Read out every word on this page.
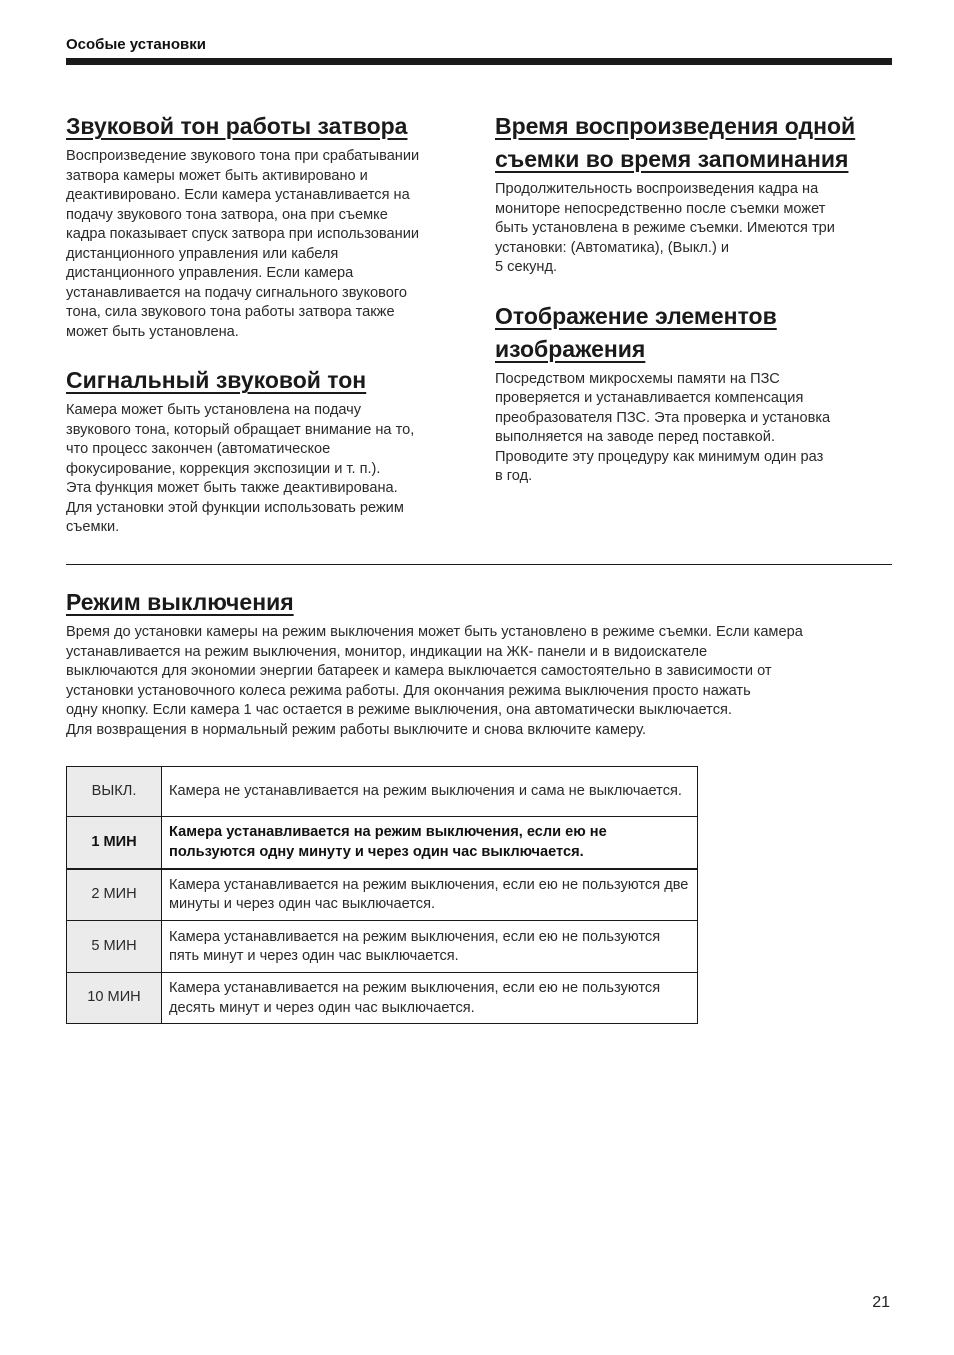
Особые установки
Звуковой тон работы затвора

Воспроизведение звукового тона при срабатывании
затвора камеры может быть активировано и
деактивировано. Если камера устанавливается на
подачу звукового тона затвора, она при съемке
кадра показывает спуск затвора при использовании
дистанционного управления или кабеля
дистанционного управления. Если камера
устанавливается на подачу сигнального звукового
тона, сила звукового тона работы затвора также
может быть установлена.

Сигнальный звуковой тон

Камера может быть установлена на подачу
звукового тона, который обращает внимание на то,
что процесс закончен (автоматическое
фокусирование, коррекция экспозиции и т. п.).
Эта функция может быть также деактивирована.
Для установки этой функции использовать режим
съемки.

Время воспроизведения одной
съемки во время запоминания

Продолжительность воспроизведения кадра на
мониторе непосредственно после съемки может
быть установлена в режиме съемки. Имеются три
установки: (Автоматика), (Выкл.) и
5 секунд.

Отображение элементов
изображения

Посредством микросхемы памяти на ПЗС
проверяется и устанавливается компенсация
преобразователя ПЗС. Эта проверка и установка
выполняется на заводе перед поставкой.
Проводите эту процедуру как минимум один раз
в год.

Режим выключения

Время до установки камеры на режим выключения может быть установлено в режиме съемки. Если камера
устанавливается на режим выключения, монитор, индикации на ЖК- панели и в видоискателе
выключаются для экономии энергии батареек и камера выключается самостоятельно в зависимости от
установки установочного колеса режима работы. Для окончания режима выключения просто нажать
одну кнопку. Если камера 1 час остается в режиме выключения, она автоматически выключается.
Для возвращения в нормальный режим работы выключите и снова включите камеру.

ВЫКЛ.	Камера не устанавливается на режим выключения и сама не выключается.
1 МИН	Камера устанавливается на режим выключения, если ею не пользуются одну минуту и через один час выключается.
2 МИН	Камера устанавливается на режим выключения, если ею не пользуются две минуты и через один час выключается.
5 МИН	Камера устанавливается на режим выключения, если ею не пользуются пять минут и через один час выключается.
10 МИН	Камера устанавливается на режим выключения, если ею не пользуются десять минут и через один час выключается.
21
